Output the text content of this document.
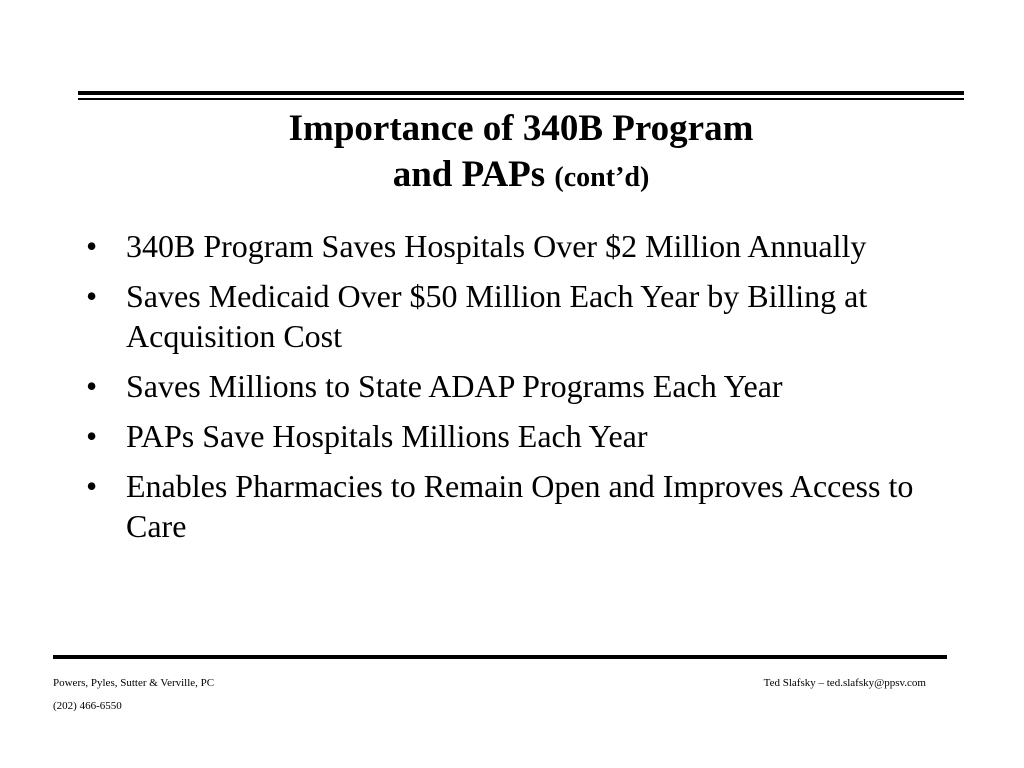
Importance of 340B Program
and PAPs (cont’d)
• 340B Program Saves Hospitals Over $2 Million Annually
• Saves Medicaid Over $50 Million Each Year by Billing at Acquisition Cost
• Saves Millions to State ADAP Programs Each Year
• PAPs Save Hospitals Millions Each Year
• Enables Pharmacies to Remain Open and Improves Access to Care
Powers, Pyles, Sutter & Verville, PC
(202) 466-6550
Ted Slafsky – ted.slafsky@ppsv.com
